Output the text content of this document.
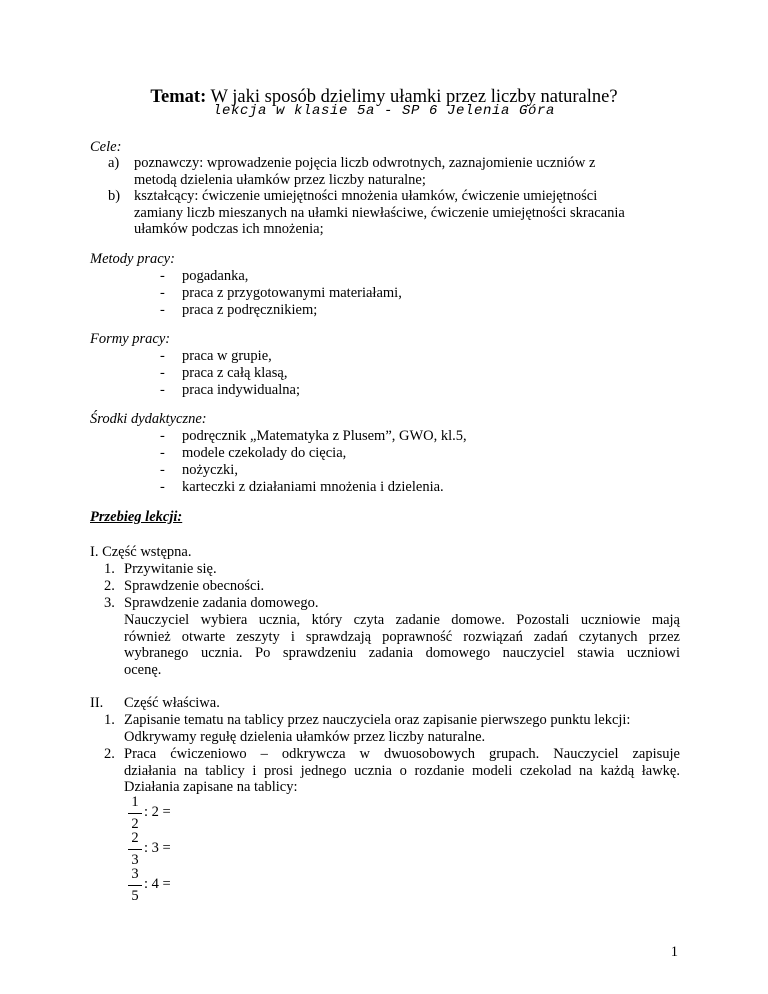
Temat: W jaki sposób dzielimy ułamki przez liczby naturalne?
lekcja w klasie 5a - SP 6 Jelenia Góra
Cele:
a) poznawczy: wprowadzenie pojęcia liczb odwrotnych, zaznajomienie uczniów z
metodą dzielenia ułamków przez liczby naturalne;
b) kształcący: ćwiczenie umiejętności mnożenia ułamków, ćwiczenie umiejętności
zamiany liczb mieszanych na ułamki niewłaściwe, ćwiczenie umiejętności skracania
ułamków podczas ich mnożenia;
Metody pracy:
- pogadanka,
- praca z przygotowanymi materiałami,
- praca z podręcznikiem;
Formy pracy:
- praca w grupie,
- praca z całą klasą,
- praca indywidualna;
Środki dydaktyczne:
- podręcznik „Matematyka z Plusem”, GWO, kl.5,
- modele czekolady do cięcia,
- nożyczki,
- karteczki z działaniami mnożenia i dzielenia.
Przebieg lekcji:
I. Część wstępna.
1. Przywitanie się.
2. Sprawdzenie obecności.
3. Sprawdzenie zadania domowego.
Nauczyciel wybiera ucznia, który czyta zadanie domowe. Pozostali uczniowie mają
również otwarte zeszyty i sprawdzają poprawność rozwiązań zadań czytanych przez
wybranego ucznia. Po sprawdzeniu zadania domowego nauczyciel stawia uczniowi
ocenę.
II. Część właściwa.
1. Zapisanie tematu na tablicy przez nauczyciela oraz zapisanie pierwszego punktu lekcji:
Odkrywamy regułę dzielenia ułamków przez liczby naturalne.
2. Praca ćwiczeniowo – odkrywcza w dwuosobowych grupach. Nauczyciel zapisuje
działania na tablicy i prosi jednego ucznia o rozdanie modeli czekolad na każdą ławkę.
Działania zapisane na tablicy:
1
2
: 2 =
2
3
: 3 =
3
5
: 4 =
1
